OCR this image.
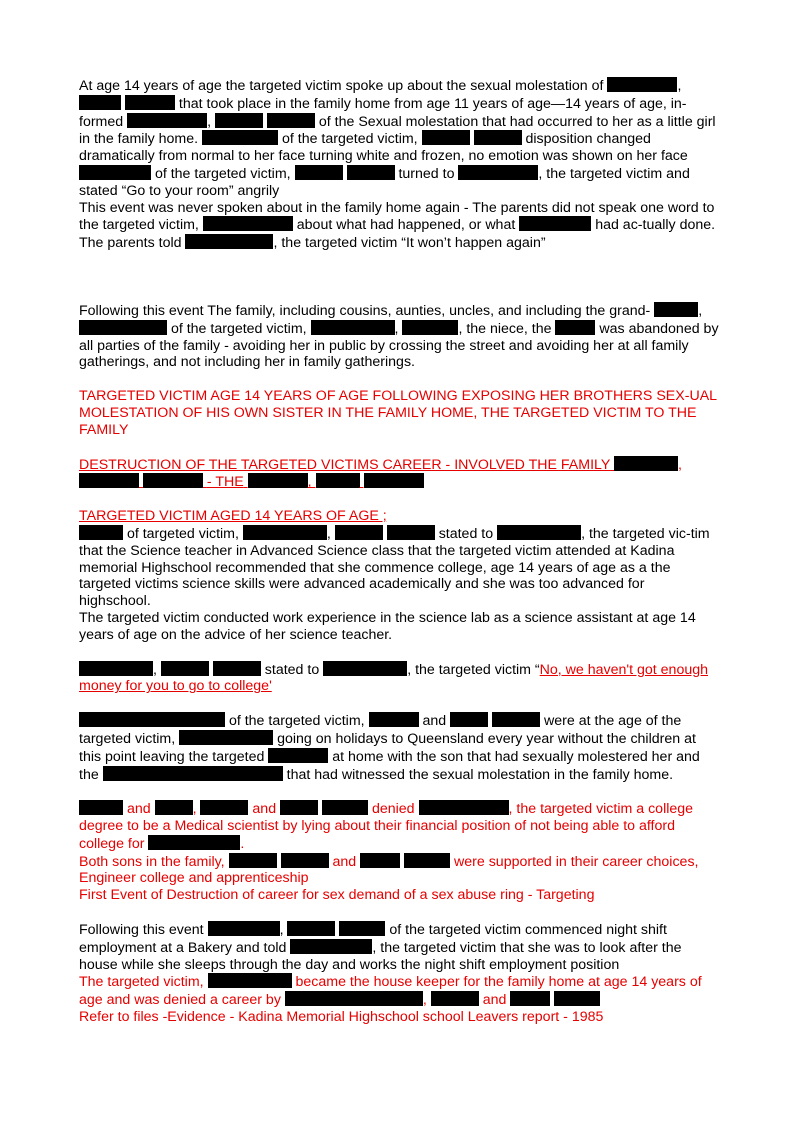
At age 14 years of age the targeted victim spoke up about the sexual molestation of	,   that took place in the family home from age 11 years of age—14 years of age, in-formed	,	of the Sexual molestation that had occurred to her as a little girl in the family home.	of the targeted victim,	disposition changed dramatically from normal to her face turning white and frozen, no emotion was shown on her face  of the targeted victim,	turned to	, the targeted victim and stated “Go to your room” angrily

This event was never spoken about in the family home again - The parents did not speak one word to the targeted victim,	about what had happened, or what	had ac-tually done. The parents told	, the targeted victim “It won’t happen again”

Following this event The family, including cousins, aunties, uncles, and including the grand-	,  of the targeted victim,	,	, the niece, the	was abandoned by all parties of the family - avoiding her in public by crossing the street and avoiding her at all family gatherings, and not including her in family gatherings.

TARGETED VICTIM AGE 14 YEARS OF AGE FOLLOWING EXPOSING HER BROTHERS SEX-UAL MOLESTATION OF HIS OWN SISTER IN THE FAMILY HOME, THE TARGETED VICTIM TO THE FAMILY

DESTRUCTION OF THE TARGETED VICTIMS CAREER - INVOLVED THE FAMILY	,   - THE	,

TARGETED VICTIM AGED 14 YEARS OF AGE ;

of targeted victim,	,	stated to	, the targeted vic-tim that the Science teacher in Advanced Science class that the targeted victim attended at Kadina memorial Highschool recommended that she commence college, age 14 years of age as a the targeted victims science skills were advanced academically and she was too advanced for highschool.

The targeted victim conducted work experience in the science lab as a science assistant at age 14 years of age on the advice of her science teacher.

,	stated to	, the targeted victim “No, we haven't got enough money for you to go to college'

of the targeted victim,	and	were at the age of the targeted victim,	going on holidays to Queensland every year without the children at this point leaving the targeted	at home with the son that had sexually molestered her and the	that had witnessed the sexual molestation in the family home.

and	,	and	denied	, the targeted victim a college degree to be a Medical scientist by lying about their financial position of not being able to afford college for	.
Both sons in the family,	and	were supported in their career choices, Engineer college and apprenticeship
First Event of Destruction of career for sex demand of a sex abuse ring - Targeting

Following this event	,	of the targeted victim commenced night shift employment at a Bakery and told	, the targeted victim that she was to look after the house while she sleeps through the day and works the night shift employment position
The targeted victim,	became the house keeper for the family home at age 14 years of age and was denied a career by	,	and
Refer to files -Evidence - Kadina Memorial Highschool school Leavers report - 1985
